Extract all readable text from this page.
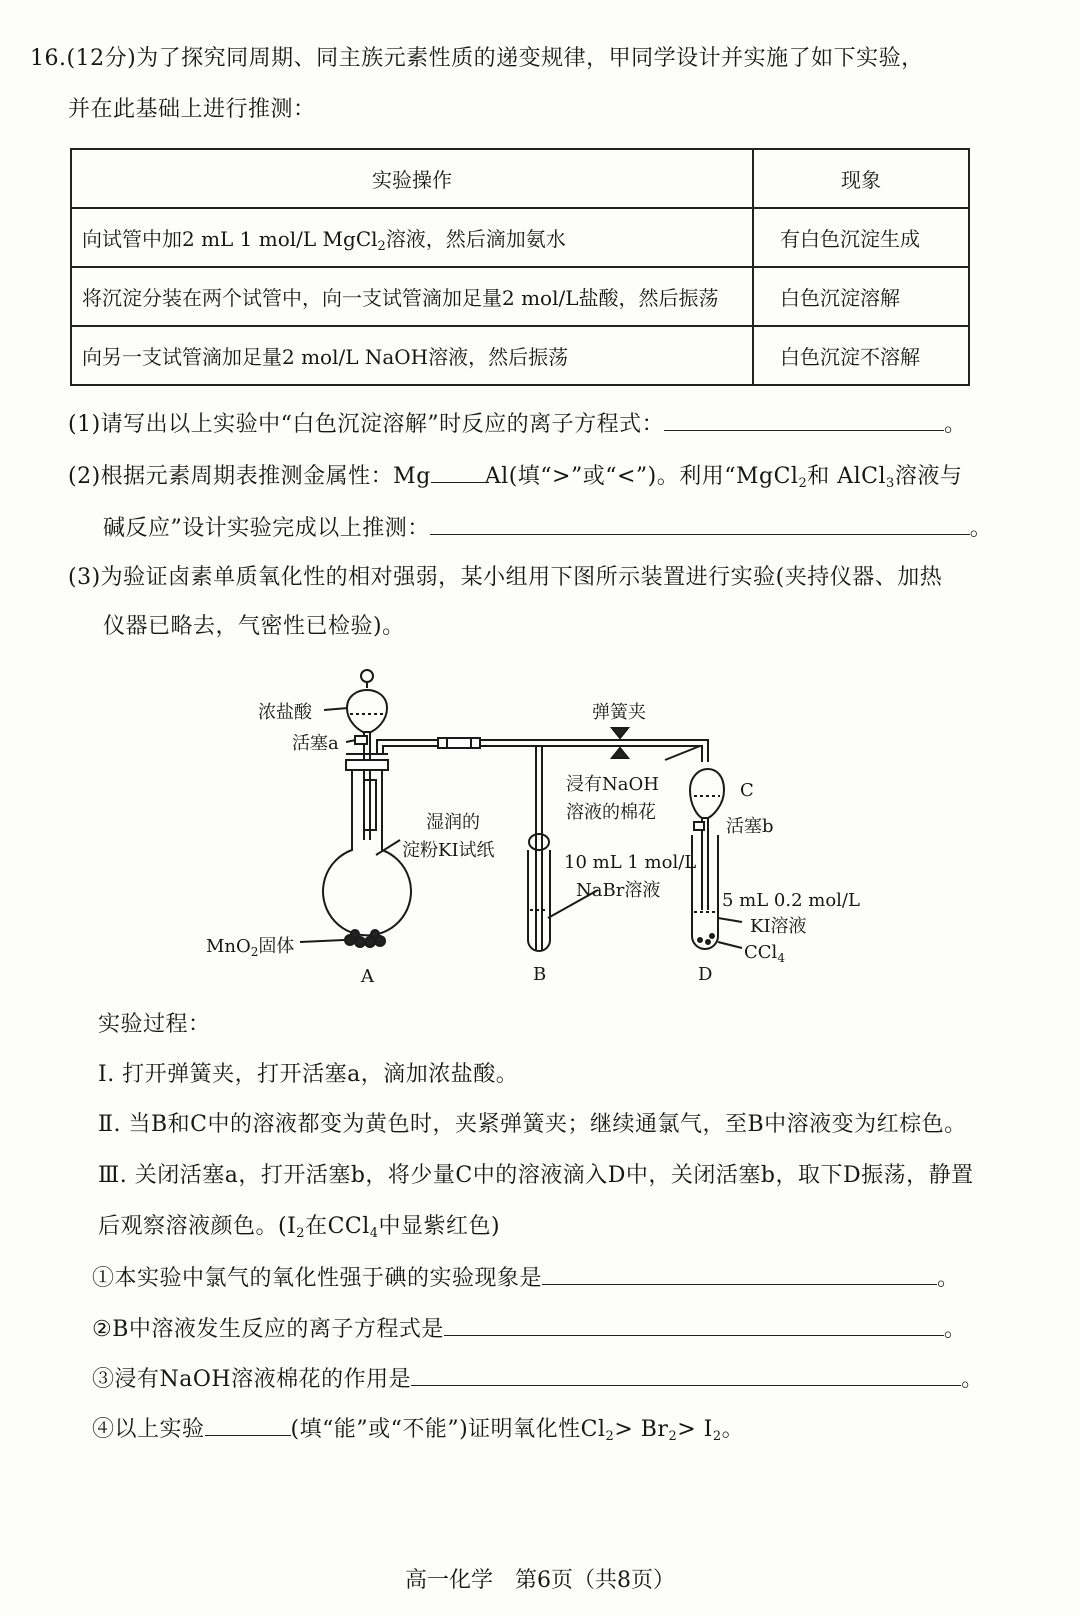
16.(12分)为了探究同周期、同主族元素性质的递变规律，甲同学设计并实施了如下实验，
并在此基础上进行推测：
实验操作	现象
向试管中加2 mL 1 mol/L MgCl$_2$溶液，然后滴加氨水	有白色沉淀生成
将沉淀分装在两个试管中，向一支试管滴加足量2 mol/L盐酸，然后振荡	白色沉淀溶解
向另一支试管滴加足量2 mol/L NaOH溶液，然后振荡	白色沉淀不溶解
(1)请写出以上实验中“白色沉淀溶解”时反应的离子方程式：	。
(2)根据元素周期表推测金属性：Mg Al(填“>”或“<”)。利用“MgCl$_2$和 AlCl$_3$溶液与
碱反应”设计实验完成以上推测：	。
(3)为验证卤素单质氧化性的相对强弱，某小组用下图所示装置进行实验(夹持仪器、加热
仪器已略去，气密性已检验)。
浓盐酸
活塞a
湿润的
淀粉KI试纸
MnO$_2$固体
A
弹簧夹
浸有NaOH
溶液的棉花
10 mL 1 mol/L
NaBr溶液
B
C
活塞b
5 mL 0.2 mol/L
KI溶液
CCl$_4$
D
实验过程：
Ⅰ. 打开弹簧夹，打开活塞a，滴加浓盐酸。
Ⅱ. 当B和C中的溶液都变为黄色时，夹紧弹簧夹；继续通氯气，至B中溶液变为红棕色。
Ⅲ. 关闭活塞a，打开活塞b，将少量C中的溶液滴入D中，关闭活塞b，取下D振荡，静置
后观察溶液颜色。($I_2$在CCl$_4$中显紫红色)
①本实验中氯气的氧化性强于碘的实验现象是	。
②B中溶液发生反应的离子方程式是	。
③浸有NaOH溶液棉花的作用是	。
④以上实验	(填“能”或“不能”)证明氧化性$Cl_2> Br_2> I_2$。
高一化学　第6页（共8页）
